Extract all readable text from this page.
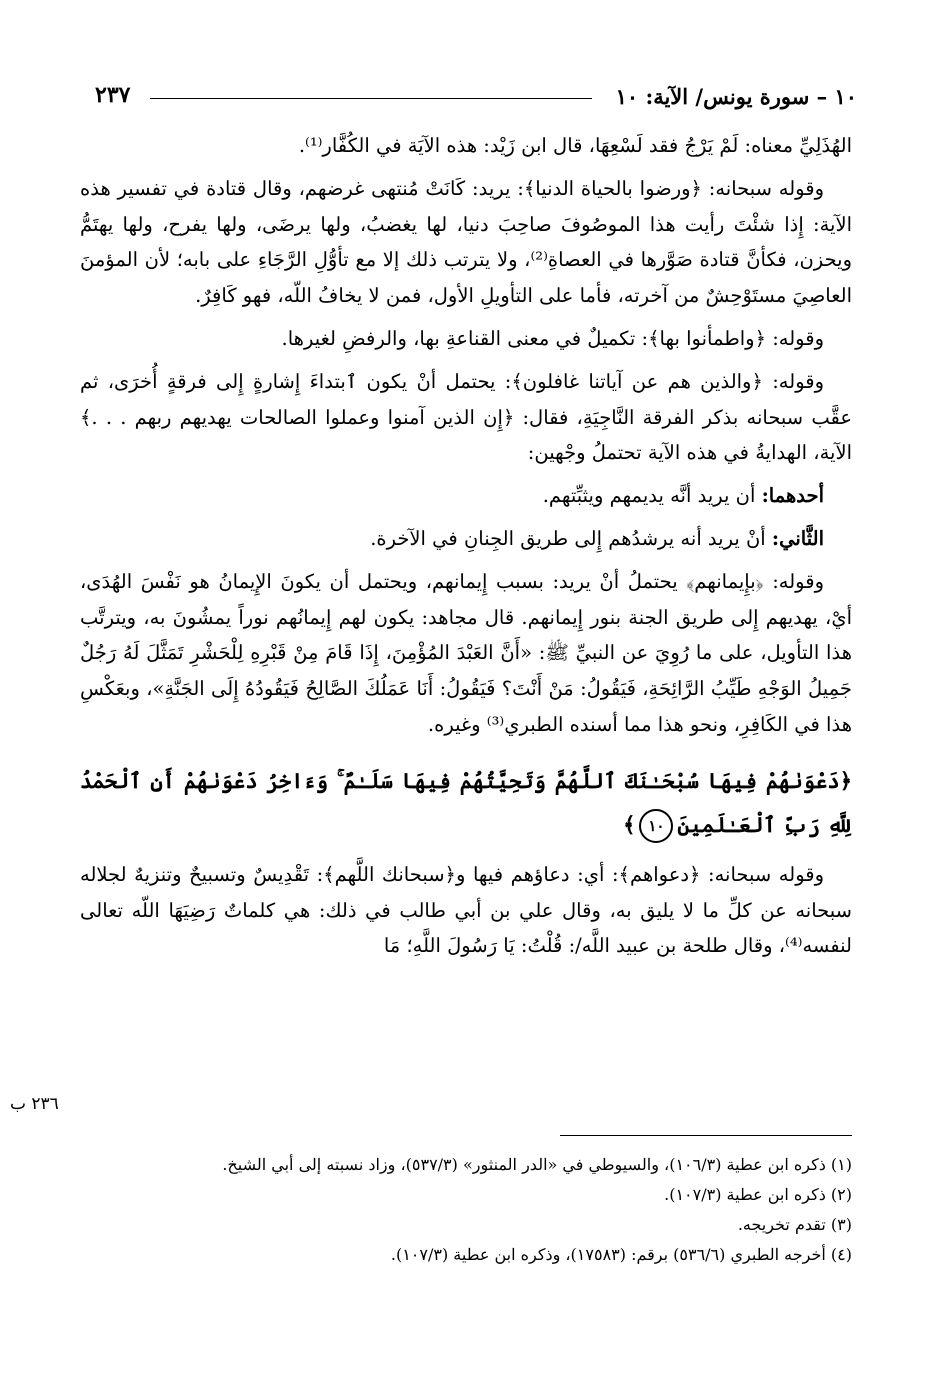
٢٣٧	١٠ – سورة يونس/ الآية: ١٠

الهُذَلِيِّ معناه: لَمْ يَرْجُ فقد لَسْعِهَا، قال ابن زَيْد: هذه الآيَة في الكُفَّار⁽¹⁾.

وقوله سبحانه: ﴿ورضوا بالحياة الدنيا﴾: يريد: كَانَتْ مُنتهى غرضهم، وقال قتادة في تفسير هذه الآية: إِذا شئْتَ رأيت هذا الموصُوفَ صاحِبَ دنيا، لها يغضبُ، ولها يرضَى، ولها يفرح، ولها يهتَمُّ ويحزن، فكأنَّ قتادة صَوَّرها في العصاةِ⁽²⁾، ولا يترتب ذلك إلا مع تأوُّلِ الرَّجَاءِ على بابه؛ لأن المؤمنَ العاصِيَ مستَوْحِشٌ من آخرته، فأما على التأويلِ الأول، فمن لا يخافُ اللّه، فهو كَافِرٌ.

وقوله: ﴿واطمأنوا بها﴾: تكميلٌ في معنى القناعةِ بها، والرفضِ لغيرها.

وقوله: ﴿والذين هم عن آياتنا غافلون﴾: يحتمل أنْ يكون ٱبتداءَ إِشارةٍ إِلى فرقةٍ أُخرَى، ثم عقَّب سبحانه بذكر الفرقة النَّاجِيَةِ، فقال: ﴿إِن الذين آمنوا وعملوا الصالحات يهديهم ربهم . . .﴾ الآية، الهدايةُ في هذه الآية تحتملُ وجْهين:

أحدهما: أن يريد أنَّه يديمهم ويثبِّتهم.

الثَّاني: أنْ يريد أنه يرشدُهم إِلى طريق الجِنانِ في الآخرة.

وقوله: ﴿بإِيمانهم﴾ يحتملُ أنْ يريد: بسبب إِيمانهم، ويحتمل أن يكونَ الإِيمانُ هو نَفْسَ الهُدَى، أيْ، يهديهم إِلى طريق الجنة بنور إِيمانهم. قال مجاهد: يكون لهم إِيمانُهم نوراً يمشُونَ به، ويترتَّب هذا التأويل، على ما رُوِيَ عن النبيِّ ﷺ: «أَنَّ العَبْدَ المُؤْمِنَ، إِذَا قَامَ مِنْ قَبْرِهِ لِلْحَشْرِ تَمَثَّلَ لَهُ رَجُلٌ جَمِيلُ الوَجْهِ طَيِّبُ الرَّائِحَةِ، فَيَقُولُ: مَنْ أَنْتَ؟ فَيَقُولُ: أَنَا عَمَلُكَ الصَّالِحُ فَيَقُودُهُ إِلَى الجَنَّةِ»، وبعَكْسِ هذا في الكَافِرِ، ونحو هذا مما أسنده الطبري⁽³⁾ وغيره.

﴿دَعْوَىٰهُمْ فِيهَا سُبْحَـٰنَكَ ٱللَّهُمَّ وَتَحِيَّتُهُمْ فِيهَا سَلَـٰمٌ ۚ وَءَاخِرُ دَعْوَىٰهُمْ أَنِ ٱلْحَمْدُ لِلَّهِ رَبِّ ٱلْعَـٰلَمِينَ١٠﴾

وقوله سبحانه: ﴿دعواهم﴾: أي: دعاؤهم فيها و﴿سبحانك اللَّهم﴾: تَقْدِيسٌ وتسبيحٌ وتنزيهٌ لجلاله سبحانه عن كلِّ ما لا يليق به، وقال علي بن أبي طالب في ذلك: هي كلماتٌ رَضِيَهَا اللّه تعالى لنفسه⁽⁴⁾، وقال طلحة بن عبيد اللَّه/: قُلْتُ: يَا رَسُولَ اللَّهِ؛ مَا

٢٣٦ ب

(١) ذكره ابن عطية (١٠٦/٣)، والسيوطي في «الدر المنثور» (٥٣٧/٣)، وزاد نسبته إلى أبي الشيخ.

(٢) ذكره ابن عطية (١٠٧/٣).

(٣) تقدم تخريجه.

(٤) أخرجه الطبري (٥٣٦/٦) برقم: (١٧٥٨٣)، وذكره ابن عطية (١٠٧/٣).
